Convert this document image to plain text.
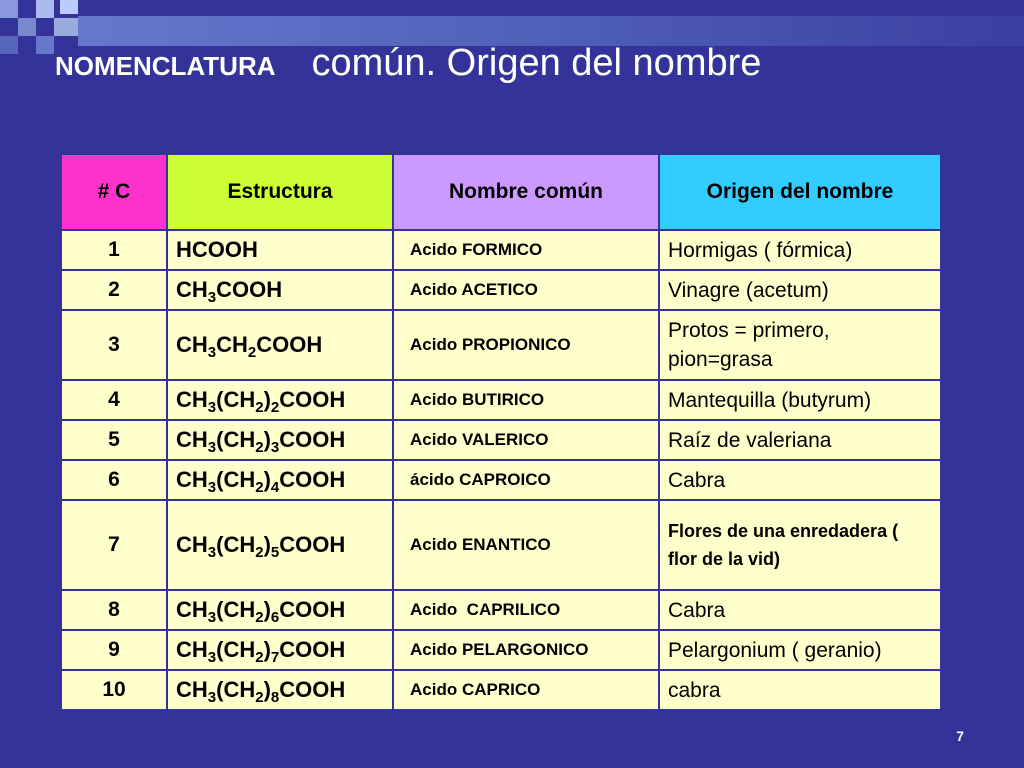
NOMENCLATURA común. Origen del nombre
# C	Estructura	Nombre común	Origen del nombre
1	HCOOH	Acido FORMICO	Hormigas ( fórmica)
2	$CH_3COOH$	Acido ACETICO	Vinagre (acetum)
3	$CH_3CH_2COOH$	Acido PROPIONICO	Protos = primero, pion=grasa
4	$CH_3(CH_2)_2COOH$	Acido BUTIRICO	Mantequilla (butyrum)
5	$CH_3(CH_2)_3COOH$	Acido VALERICO	Raíz de valeriana
6	$CH_3(CH_2)_4COOH$	ácido CAPROICO	Cabra
7	$CH_3(CH_2)_5COOH$	Acido ENANTICO	Flores de una enredadera ( flor de la vid)
8	$CH_3(CH_2)_6COOH$	Acido  CAPRILICO	Cabra
9	$CH_3(CH_2)_7COOH$	Acido PELARGONICO	Pelargonium ( geranio)
10	$CH_3(CH_2)_8COOH$	Acido CAPRICO	cabra
7
